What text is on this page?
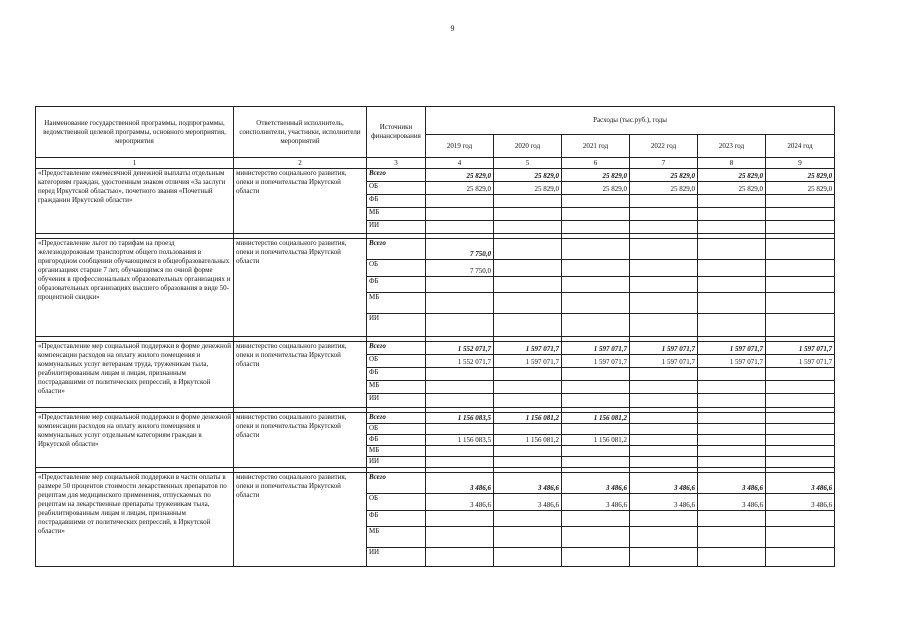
9
Наименование государственной программы, подпрограммы, ведомственной целевой программы, основного мероприятия, мероприятия	Ответственный исполнитель, соисполнители, участники, исполнители мероприятий	Источники финансирования	Расходы (тыс.руб.), годы					
			2019 год	2020 год	2021 год	2022 год	2023 год	2024 год
1	2	3	4	5	6	7	8	9
«Предоставление ежемесячной денежной выплаты отдельным категориям граждан, удостоенным знаком отличия «За заслуги перед Иркутской областью», почетного звания «Почетный гражданин Иркутской области»	министерство социального развития, опеки и попечительства Иркутской области	Всего	25 829,0	25 829,0	25 829,0	25 829,0	25 829,0	25 829,0
		ОБ	25 829,0	25 829,0	25 829,0	25 829,0	25 829,0	25 829,0
		ФБ						
		МБ						
		ИИ						

«Предоставление льгот по тарифам на проезд железнодорожным транспортом общего пользования в пригородном сообщении обучающимся в общеобразовательных организациях старше 7 лет, обучающимся по очной форме обучения в профессиональных образовательных организациях и образовательных организациях высшего образования в виде 50-процентной скидки»	министерство социального развития, опеки и попечительства Иркутской области	Всего	7 750,0					
		ОБ	7 750,0					
		ФБ						
		МБ						
		ИИ						

«Предоставление мер социальной поддержки в форме денежной компенсации расходов на оплату жилого помещения и коммунальных услуг ветеранам труда, труженикам тыла, реабилитированным лицам и лицам, признанным пострадавшими от политических репрессий, в Иркутской области»	министерство социального развития, опеки и попечительства Иркутской области	Всего	1 552 071,7	1 597 071,7	1 597 071,7	1 597 071,7	1 597 071,7	1 597 071,7
		ОБ	1 552 071,7	1 597 071,7	1 597 071,7	1 597 071,7	1 597 071,7	1 597 071,7
		ФБ						
		МБ						
		ИИ						

«Предоставление мер социальной поддержки в форме денежной компенсации расходов на оплату жилого помещения и коммунальных услуг отдельным категориям граждан в Иркутской области»	министерство социального развития, опеки и попечительства Иркутской области	Всего	1 156 083,5	1 156 081,2	1 156 081,2			
		ОБ						
		ФБ	1 156 083,5	1 156 081,2	1 156 081,2			
		МБ						
		ИИ						

«Предоставление мер социальной поддержки в части оплаты в размере 50 процентов стоимости лекарственных препаратов по рецептам для медицинского применения, отпускаемых по рецептам на лекарственные препараты труженикам тыла, реабилитированным лицам и лицам, признанным пострадавшими от политических репрессий, в Иркутской области»	министерство социального развития, опеки и попечительства Иркутской области	Всего	3 486,6	3 486,6	3 486,6	3 486,6	3 486,6	3 486,6
		ОБ	3 486,6	3 486,6	3 486,6	3 486,6	3 486,6	3 486,6
		ФБ						
		МБ						
		ИИ						
